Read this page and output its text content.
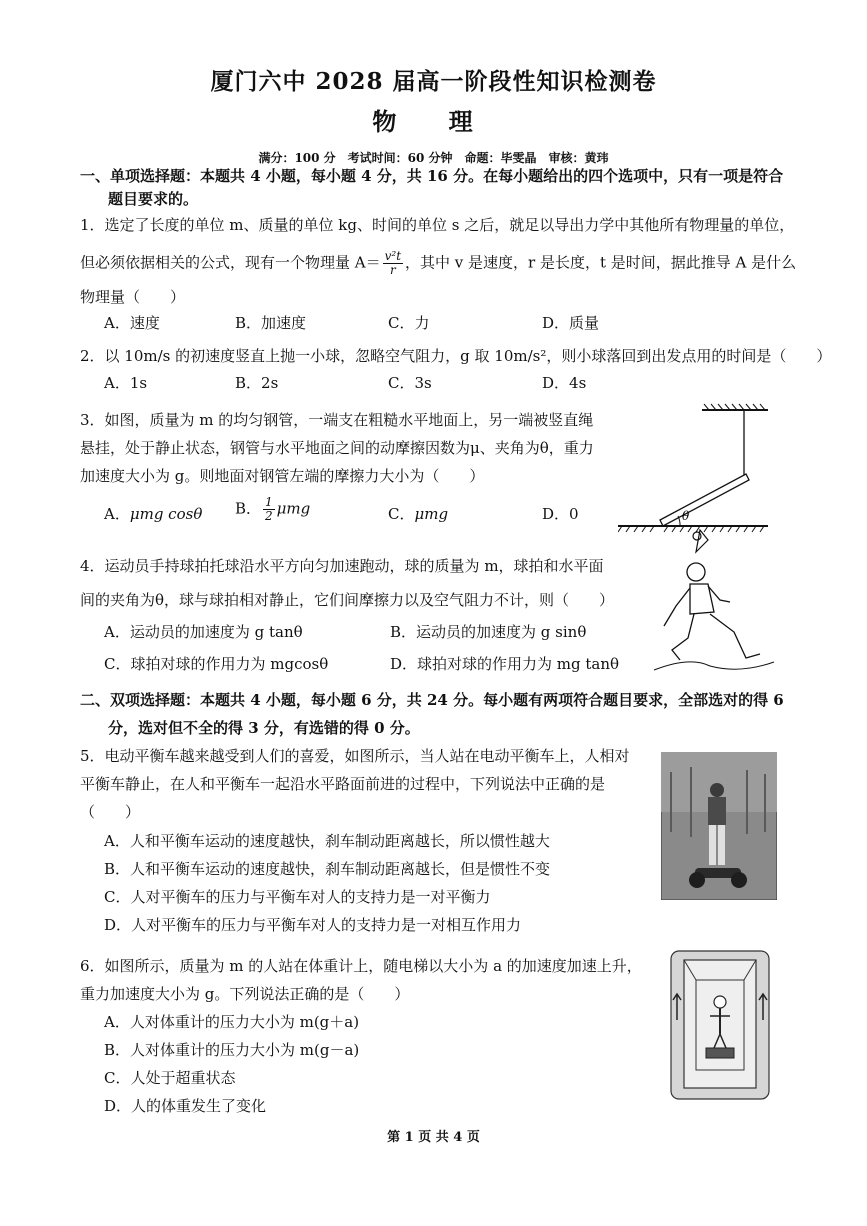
厦门六中 2028 届高一阶段性知识检测卷
物 理
满分：100 分　考试时间：60 分钟　命题：毕雯晶　审核：黄玮
一、单项选择题：本题共 4 小题，每小题 4 分，共 16 分。在每小题给出的四个选项中，只有一项是符合
题目要求的。
1．选定了长度的单位 m、质量的单位 kg、时间的单位 s 之后，就足以导出力学中其他所有物理量的单位，
但必须依据相关的公式，现有一个物理量 $A= \frac{\text{v²t}}{r}$ ，其中 v 是速度，r 是长度，t 是时间，据此推导 A 是什么
物理量（　　）
A．速度	B．加速度	C．力	D．质量
2．以 10m/s 的初速度竖直上抛一小球，忽略空气阻力，g 取 10m/s²，则小球落回到出发点用的时间是（　　）
A．1s	B．2s	C．3s	D．4s
3．如图，质量为 m 的均匀钢管，一端支在粗糙水平地面上，另一端被竖直绳
悬挂，处于静止状态，钢管与水平地面之间的动摩擦因数为μ、夹角为θ，重力
加速度大小为 g。则地面对钢管左端的摩擦力大小为（　　）
A．μmg cosθ B． $\frac{1}{2}$ μmg	C．μmg	D．0	θ
4．运动员手持球拍托球沿水平方向匀加速跑动，球的质量为 m，球拍和水平面
间的夹角为θ，球与球拍相对静止，它们间摩擦力以及空气阻力不计，则（　　）
A．运动员的加速度为 g tanθ	B．运动员的加速度为 g sinθ
C．球拍对球的作用力为 mgcosθ	D．球拍对球的作用力为 mg tanθ
二、双项选择题：本题共 4 小题，每小题 6 分，共 24 分。每小题有两项符合题目要求，全部选对的得 6
分，选对但不全的得 3 分，有选错的得 0 分。
5．电动平衡车越来越受到人们的喜爱，如图所示，当人站在电动平衡车上，人相对
平衡车静止，在人和平衡车一起沿水平路面前进的过程中，下列说法中正确的是
（　　）
A．人和平衡车运动的速度越快，刹车制动距离越长，所以惯性越大
B．人和平衡车运动的速度越快，刹车制动距离越长，但是惯性不变
C．人对平衡车的压力与平衡车对人的支持力是一对平衡力
D．人对平衡车的压力与平衡车对人的支持力是一对相互作用力
6．如图所示，质量为 m 的人站在体重计上，随电梯以大小为 a 的加速度加速上升，
重力加速度大小为 g。下列说法正确的是（　　）
A．人对体重计的压力大小为 m(g＋a)
B．人对体重计的压力大小为 m(g－a)
C．人处于超重状态
D．人的体重发生了变化
第 1 页 共 4 页
